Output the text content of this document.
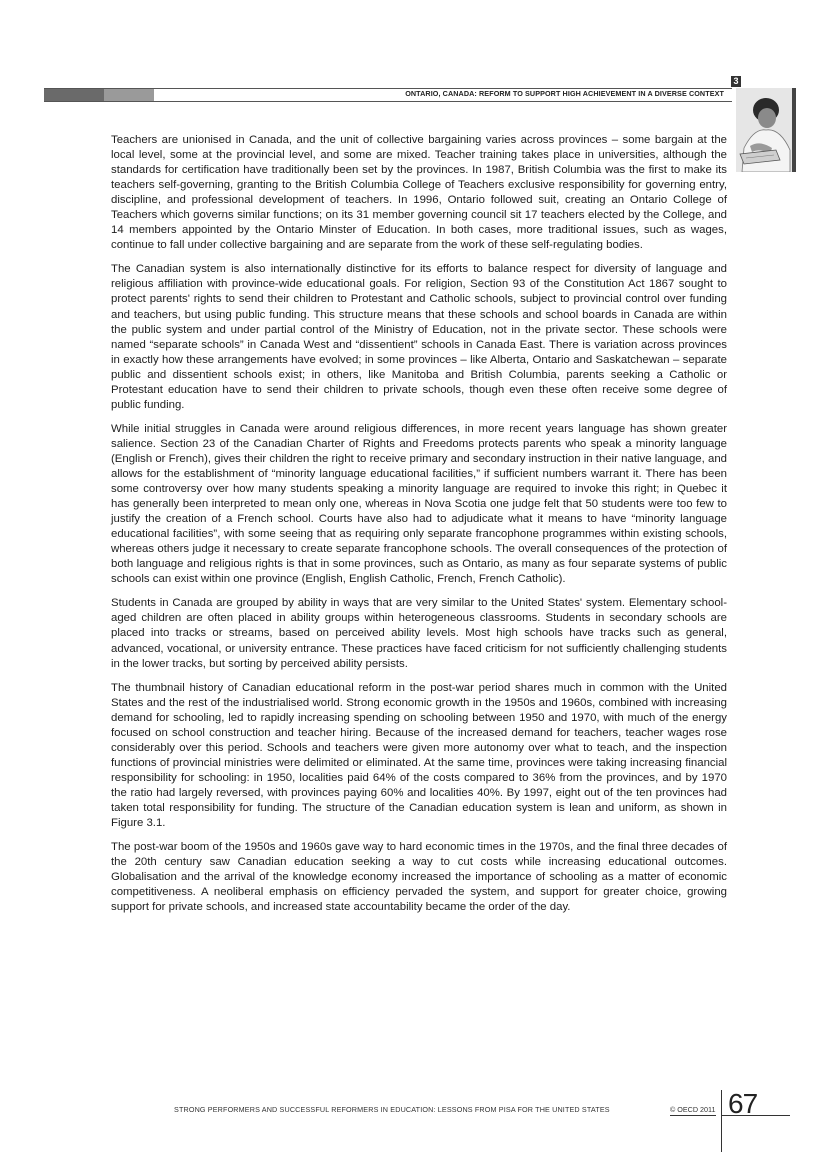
ONTARIO, CANADA: REFORM TO SUPPORT HIGH ACHIEVEMENT IN A DIVERSE CONTEXT
3

Teachers are unionised in Canada, and the unit of collective bargaining varies across provinces – some bargain at the local level, some at the provincial level, and some are mixed. Teacher training takes place in universities, although the standards for certification have traditionally been set by the provinces. In 1987, British Columbia was the first to make its teachers self-governing, granting to the British Columbia College of Teachers exclusive responsibility for governing entry, discipline, and professional development of teachers. In 1996, Ontario followed suit, creating an Ontario College of Teachers which governs similar functions; on its 31 member governing council sit 17 teachers elected by the College, and 14 members appointed by the Ontario Minster of Education. In both cases, more traditional issues, such as wages, continue to fall under collective bargaining and are separate from the work of these self-regulating bodies.

The Canadian system is also internationally distinctive for its efforts to balance respect for diversity of language and religious affiliation with province-wide educational goals. For religion, Section 93 of the Constitution Act 1867 sought to protect parents' rights to send their children to Protestant and Catholic schools, subject to provincial control over funding and teachers, but using public funding. This structure means that these schools and school boards in Canada are within the public system and under partial control of the Ministry of Education, not in the private sector. These schools were named “separate schools” in Canada West and “dissentient” schools in Canada East. There is variation across provinces in exactly how these arrangements have evolved; in some provinces – like Alberta, Ontario and Saskatchewan – separate public and dissentient schools exist; in others, like Manitoba and British Columbia, parents seeking a Catholic or Protestant education have to send their children to private schools, though even these often receive some degree of public funding.

While initial struggles in Canada were around religious differences, in more recent years language has shown greater salience. Section 23 of the Canadian Charter of Rights and Freedoms protects parents who speak a minority language (English or French), gives their children the right to receive primary and secondary instruction in their native language, and allows for the establishment of “minority language educational facilities,” if sufficient numbers warrant it. There has been some controversy over how many students speaking a minority language are required to invoke this right; in Quebec it has generally been interpreted to mean only one, whereas in Nova Scotia one judge felt that 50 students were too few to justify the creation of a French school. Courts have also had to adjudicate what it means to have “minority language educational facilities”, with some seeing that as requiring only separate francophone programmes within existing schools, whereas others judge it necessary to create separate francophone schools. The overall consequences of the protection of both language and religious rights is that in some provinces, such as Ontario, as many as four separate systems of public schools can exist within one province (English, English Catholic, French, French Catholic).

Students in Canada are grouped by ability in ways that are very similar to the United States' system. Elementary school-aged children are often placed in ability groups within heterogeneous classrooms. Students in secondary schools are placed into tracks or streams, based on perceived ability levels. Most high schools have tracks such as general, advanced, vocational, or university entrance. These practices have faced criticism for not sufficiently challenging students in the lower tracks, but sorting by perceived ability persists.

The thumbnail history of Canadian educational reform in the post-war period shares much in common with the United States and the rest of the industrialised world. Strong economic growth in the 1950s and 1960s, combined with increasing demand for schooling, led to rapidly increasing spending on schooling between 1950 and 1970, with much of the energy focused on school construction and teacher hiring. Because of the increased demand for teachers, teacher wages rose considerably over this period. Schools and teachers were given more autonomy over what to teach, and the inspection functions of provincial ministries were delimited or eliminated. At the same time, provinces were taking increasing financial responsibility for schooling: in 1950, localities paid 64% of the costs compared to 36% from the provinces, and by 1970 the ratio had largely reversed, with provinces paying 60% and localities 40%. By 1997, eight out of the ten provinces had taken total responsibility for funding. The structure of the Canadian education system is lean and uniform, as shown in Figure 3.1.

The post-war boom of the 1950s and 1960s gave way to hard economic times in the 1970s, and the final three decades of the 20th century saw Canadian education seeking a way to cut costs while increasing educational outcomes. Globalisation and the arrival of the knowledge economy increased the importance of schooling as a matter of economic competitiveness. A neoliberal emphasis on efficiency pervaded the system, and support for greater choice, growing support for private schools, and increased state accountability became the order of the day.

STRONG PERFORMERS AND SUCCESSFUL REFORMERS IN EDUCATION: LESSONS FROM PISA FOR THE UNITED STATES	© OECD 2011 67
